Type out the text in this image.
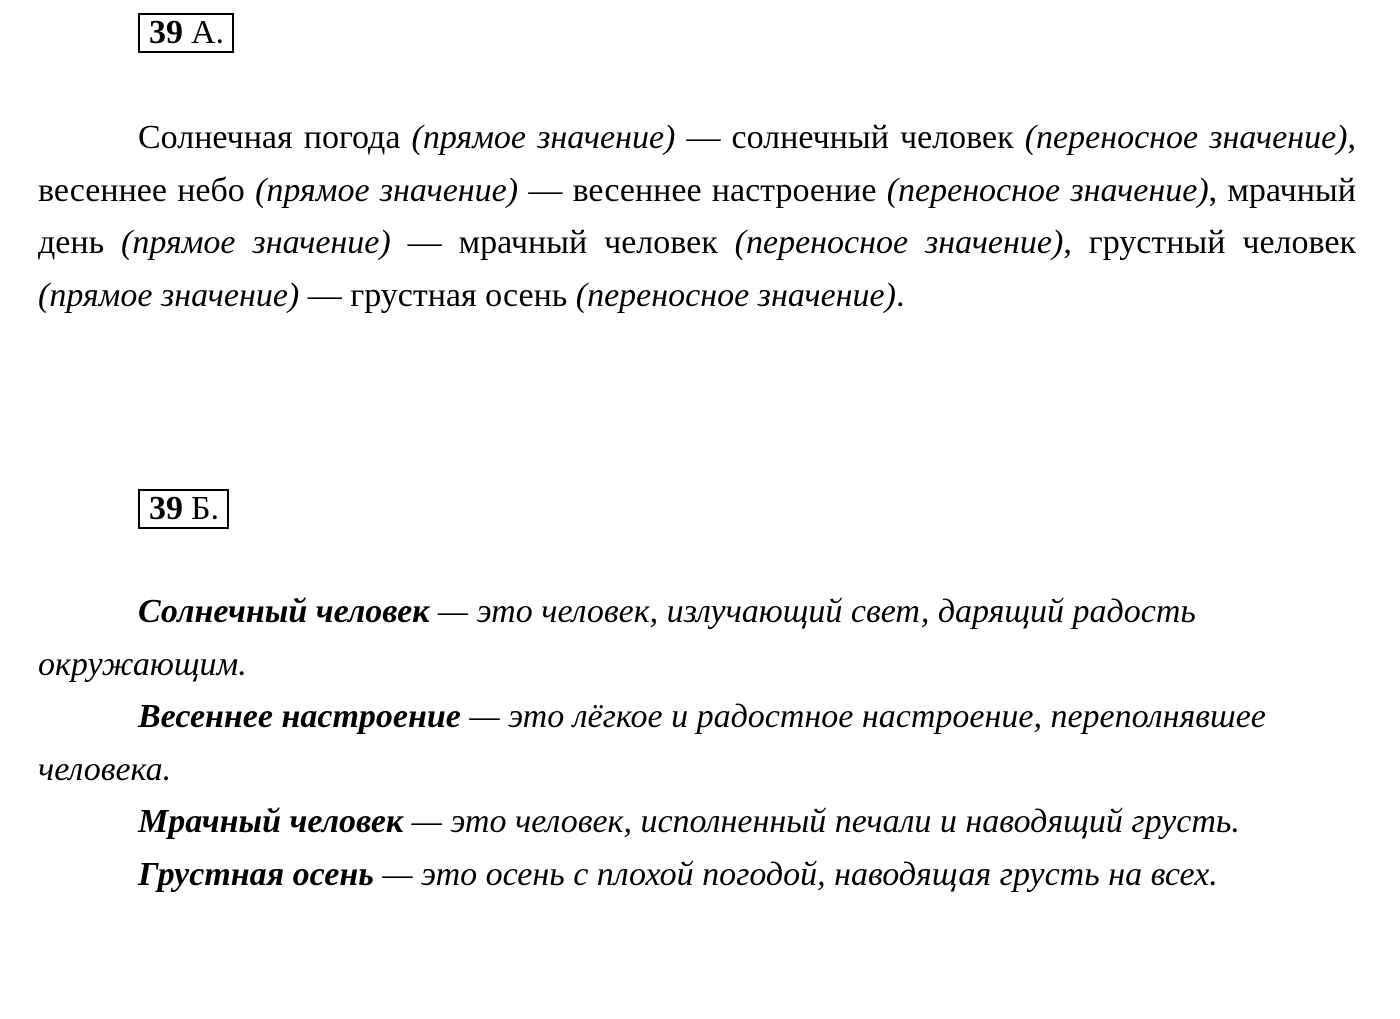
39 А.

Солнечная погода (прямое значение) — солнечный человек (переносное значение), весеннее небо (прямое значение) — весеннее настроение (переносное значение), мрачный день (прямое значение) — мрачный человек (переносное значение), грустный человек (прямое значение) — грустная осень (переносное значение).

39 Б.

Солнечный человек — это человек, излучающий свет, дарящий радость окружающим.

Весеннее настроение — это лёгкое и радостное настроение, переполнявшее человека.

Мрачный человек — это человек, исполненный печали и наводящий грусть.

Грустная осень — это осень с плохой погодой, наводящая грусть на всех.
